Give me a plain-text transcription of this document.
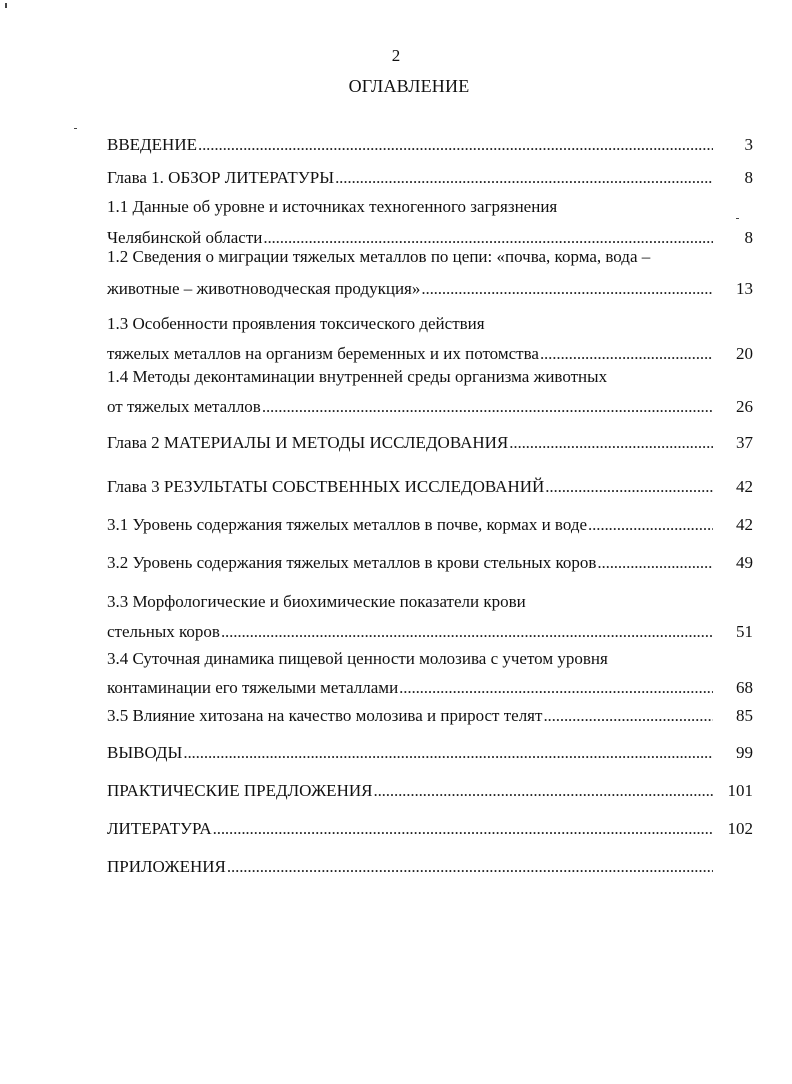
2
ОГЛАВЛЕНИЕ
ВВЕДЕНИЕ . . .	3
Глава 1. ОБЗОР ЛИТЕРАТУРЫ . . .	8
1.1 Данные об уровне и источниках техногенного загрязнения
Челябинской области . . .	8
1.2 Сведения о миграции тяжелых металлов по цепи: «почва, корма, вода –
животные – животноводческая продукция» . . .	13
1.3 Особенности проявления токсического действия
тяжелых металлов на организм беременных и их потомства . . .	20
1.4 Методы деконтаминации внутренней среды организма животных
от тяжелых металлов . . .	26
Глава 2 МАТЕРИАЛЫ И МЕТОДЫ ИССЛЕДОВАНИЯ . . .	37
Глава 3 РЕЗУЛЬТАТЫ СОБСТВЕННЫХ ИССЛЕДОВАНИЙ . . .	42
3.1 Уровень содержания тяжелых металлов в почве, кормах и воде . . .	42
3.2 Уровень содержания тяжелых металлов в крови стельных коров . . .	49
3.3 Морфологические и биохимические показатели крови
стельных коров . . .	51
3.4 Суточная динамика пищевой ценности молозива с учетом уровня
контаминации его тяжелыми металлами . . .	68
3.5 Влияние хитозана на качество молозива и прирост телят . . .	85
ВЫВОДЫ . . .	99
ПРАКТИЧЕСКИЕ ПРЕДЛОЖЕНИЯ . . .	101
ЛИТЕРАТУРА . . .	102
ПРИЛОЖЕНИЯ
. . .
